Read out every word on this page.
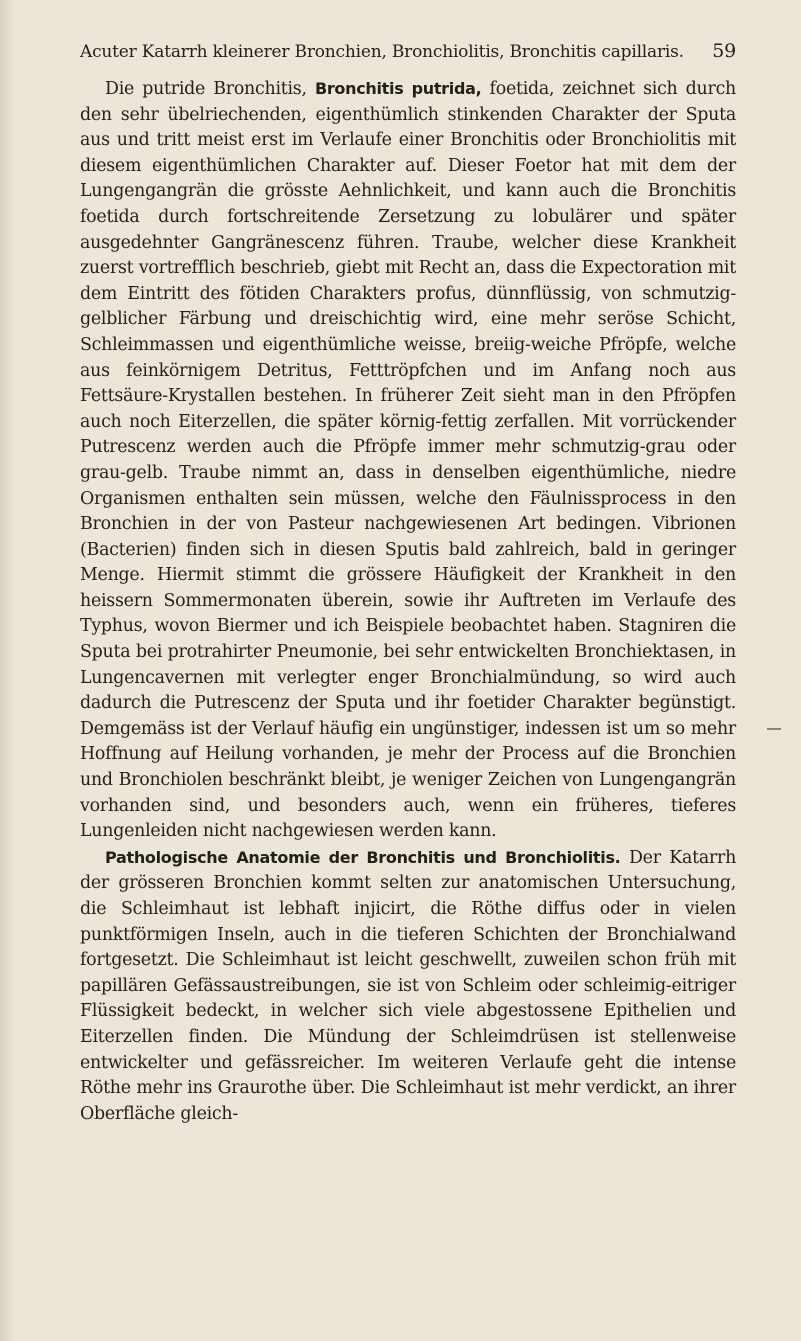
Acuter Katarrh kleinerer Bronchien, Bronchiolitis, Bronchitis capillaris. 59

Die putride Bronchitis, Bronchitis putrida, foetida, zeichnet sich durch den sehr übelriechenden, eigenthümlich stinkenden Charakter der Sputa aus und tritt meist erst im Verlaufe einer Bronchitis oder Bronchiolitis mit diesem eigenthümlichen Charakter auf. Dieser Foetor hat mit dem der Lungengangrän die grösste Aehnlichkeit, und kann auch die Bronchitis foetida durch fortschreitende Zersetzung zu lobulärer und später ausgedehnter Gangränescenz führen. Traube, welcher diese Krankheit zuerst vortrefflich beschrieb, giebt mit Recht an, dass die Expectoration mit dem Eintritt des fötiden Charakters profus, dünnflüssig, von schmutzig-gelblicher Färbung und dreischichtig wird, eine mehr seröse Schicht, Schleimmassen und eigenthümliche weisse, breiig-weiche Pfröpfe, welche aus feinkörnigem Detritus, Fetttröpfchen und im Anfang noch aus Fettsäure-Krystallen bestehen. In früherer Zeit sieht man in den Pfröpfen auch noch Eiterzellen, die später körnig-fettig zerfallen. Mit vorrückender Putrescenz werden auch die Pfröpfe immer mehr schmutzig-grau oder grau-gelb. Traube nimmt an, dass in denselben eigenthümliche, niedre Organismen enthalten sein müssen, welche den Fäulnissprocess in den Bronchien in der von Pasteur nachgewiesenen Art bedingen. Vibrionen (Bacterien) finden sich in diesen Sputis bald zahlreich, bald in geringer Menge. Hiermit stimmt die grössere Häufigkeit der Krankheit in den heissern Sommermonaten überein, sowie ihr Auftreten im Verlaufe des Typhus, wovon Biermer und ich Beispiele beobachtet haben. Stagniren die Sputa bei protrahirter Pneumonie, bei sehr entwickelten Bronchiektasen, in Lungencavernen mit verlegter enger Bronchialmündung, so wird auch dadurch die Putrescenz der Sputa und ihr foetider Charakter begünstigt. Demgemäss ist der Verlauf häufig ein ungünstiger, indessen ist um so mehr Hoffnung auf Heilung vorhanden, je mehr der Process auf die Bronchien und Bronchiolen beschränkt bleibt, je weniger Zeichen von Lungengangrän vorhanden sind, und besonders auch, wenn ein früheres, tieferes Lungenleiden nicht nachgewiesen werden kann.

Pathologische Anatomie der Bronchitis und Bronchiolitis. Der Katarrh der grösseren Bronchien kommt selten zur anatomischen Untersuchung, die Schleimhaut ist lebhaft injicirt, die Röthe diffus oder in vielen punktförmigen Inseln, auch in die tieferen Schichten der Bronchialwand fortgesetzt. Die Schleimhaut ist leicht geschwellt, zuweilen schon früh mit papillären Gefässaustreibungen, sie ist von Schleim oder schleimig-eitriger Flüssigkeit bedeckt, in welcher sich viele abgestossene Epithelien und Eiterzellen finden. Die Mündung der Schleimdrüsen ist stellenweise entwickelter und gefässreicher. Im weiteren Verlaufe geht die intense Röthe mehr ins Graurothe über. Die Schleimhaut ist mehr verdickt, an ihrer Oberfläche gleich-
